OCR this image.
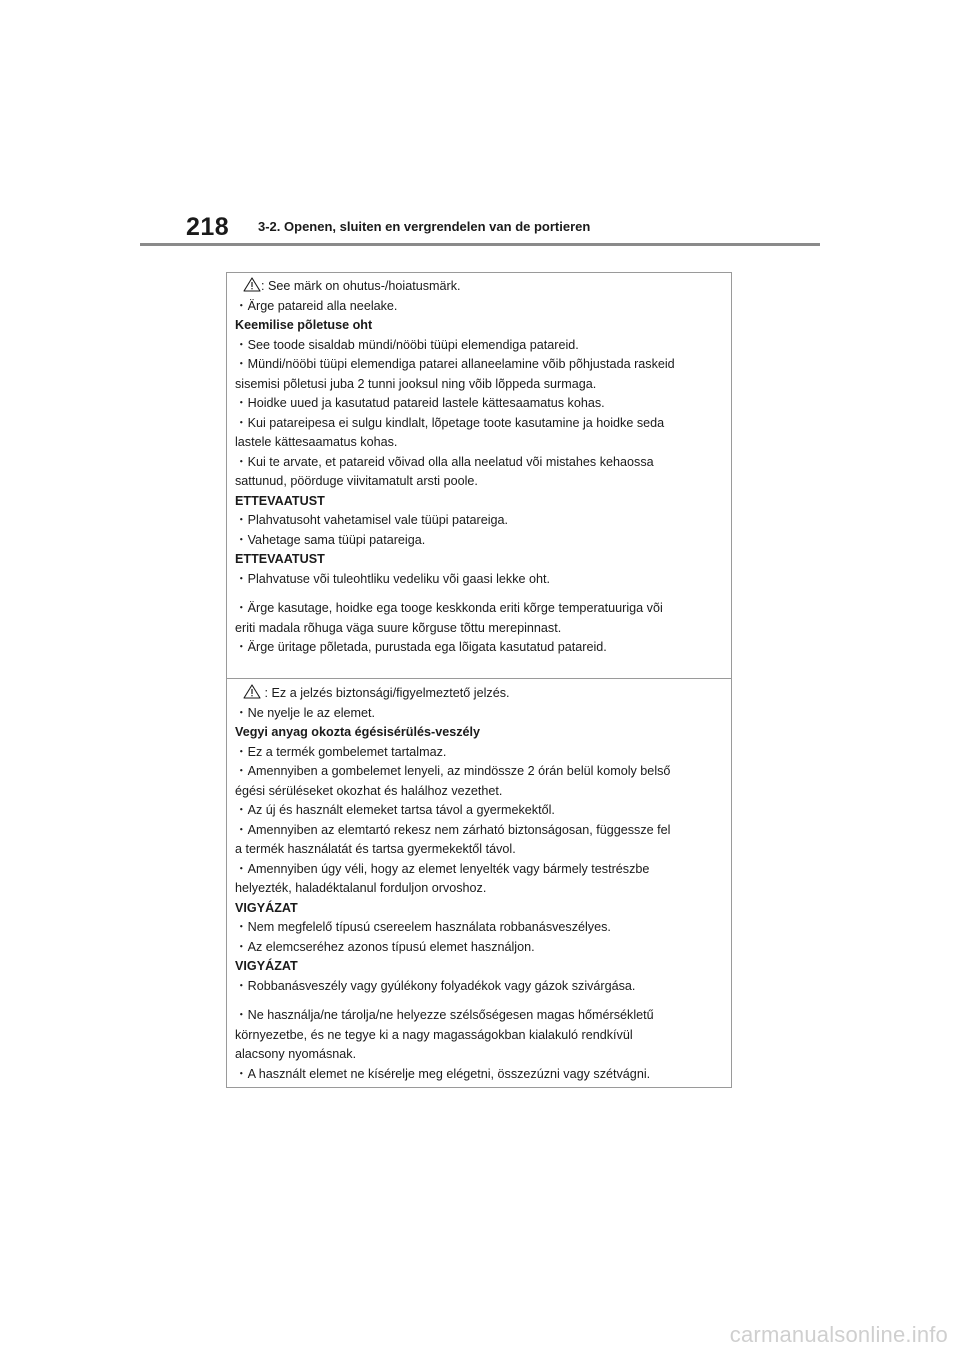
218 3-2. Openen, sluiten en vergrendelen van de portieren
: See märk on ohutus-/hoiatusmärk.
・Ärge patareid alla neelake.
Keemilise põletuse oht
・See toode sisaldab mündi/nööbi tüüpi elemendiga patareid.
・Mündi/nööbi tüüpi elemendiga patarei allaneelamine võib põhjustada raskeid
sisemisi põletusi juba 2 tunni jooksul ning võib lõppeda surmaga.
・Hoidke uued ja kasutatud patareid lastele kättesaamatus kohas.
・Kui patareipesa ei sulgu kindlalt, lõpetage toote kasutamine ja hoidke seda
lastele kättesaamatus kohas.
・Kui te arvate, et patareid võivad olla alla neelatud või mistahes kehaossa
sattunud, pöörduge viivitamatult arsti poole.
ETTEVAATUST
・Plahvatusoht vahetamisel vale tüüpi patareiga.
・Vahetage sama tüüpi patareiga.
ETTEVAATUST
・Plahvatuse või tuleohtliku vedeliku või gaasi lekke oht.
・Ärge kasutage, hoidke ega tooge keskkonda eriti kõrge temperatuuriga või
eriti madala rõhuga väga suure kõrguse tõttu merepinnast.
・Ärge üritage põletada, purustada ega lõigata kasutatud patareid.
: Ez a jelzés biztonsági/figyelmeztető jelzés.
・Ne nyelje le az elemet.
Vegyi anyag okozta égésisérülés-veszély
・Ez a termék gombelemet tartalmaz.
・Amennyiben a gombelemet lenyeli, az mindössze 2 órán belül komoly belső
égési sérüléseket okozhat és halálhoz vezethet.
・Az új és használt elemeket tartsa távol a gyermekektől.
・Amennyiben az elemtartó rekesz nem zárható biztonságosan, függessze fel
a termék használatát és tartsa gyermekektől távol.
・Amennyiben úgy véli, hogy az elemet lenyelték vagy bármely testrészbe
helyezték, haladéktalanul forduljon orvoshoz.
VIGYÁZAT
・Nem megfelelő típusú csereelem használata robbanásveszélyes.
・Az elemcseréhez azonos típusú elemet használjon.
VIGYÁZAT
・Robbanásveszély vagy gyúlékony folyadékok vagy gázok szivárgása.
・Ne használja/ne tárolja/ne helyezze szélsőségesen magas hőmérsékletű
környezetbe, és ne tegye ki a nagy magasságokban kialakuló rendkívül
alacsony nyomásnak.
・A használt elemet ne kísérelje meg elégetni, összezúzni vagy szétvágni.
carmanualsonline.info
